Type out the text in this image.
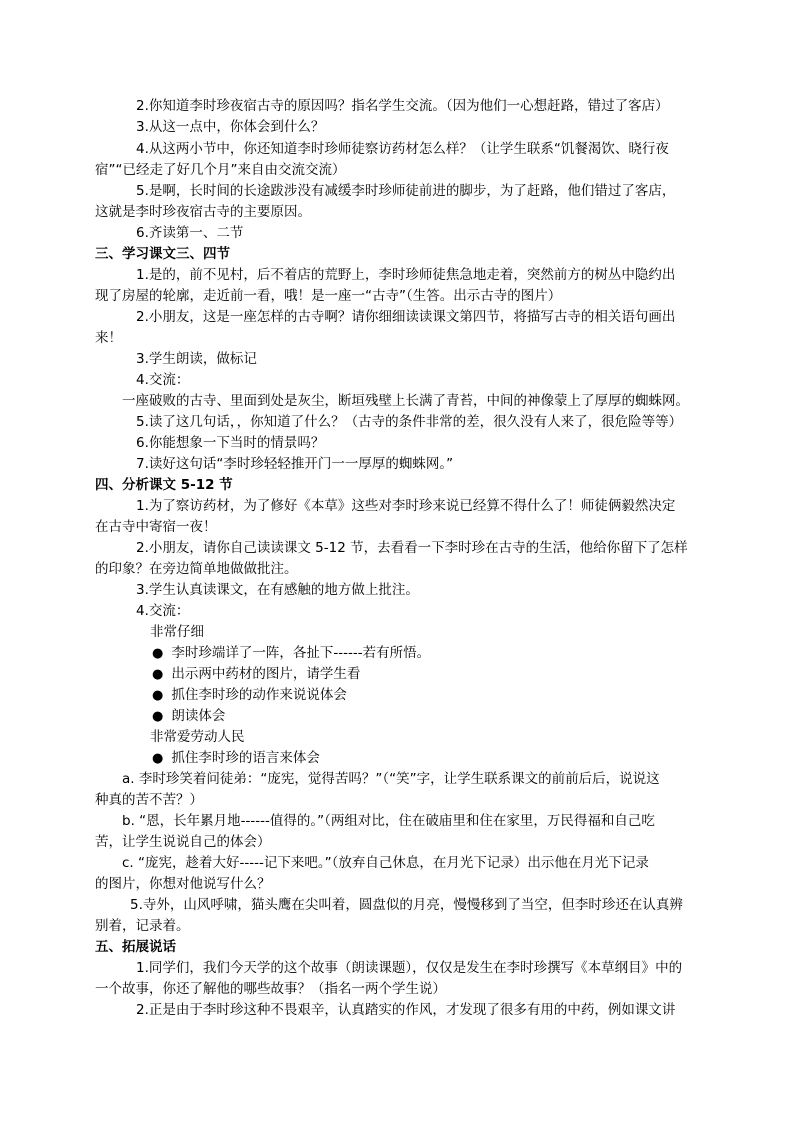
2.你知道李时珍夜宿古寺的原因吗？指名学生交流。（因为他们一心想赶路，错过了客店）
3.从这一点中，你体会到什么？
4.从这两小节中，你还知道李时珍师徒察访药材怎么样？（让学生联系“饥餐渴饮、晓行夜
宿”“已经走了好几个月”来自由交流交流）
5.是啊，长时间的长途跋涉没有减缓李时珍师徒前进的脚步，为了赶路，他们错过了客店，
这就是李时珍夜宿古寺的主要原因。
6.齐读第一、二节
三、学习课文三、四节
1.是的，前不见村，后不着店的荒野上，李时珍师徒焦急地走着，突然前方的树丛中隐约出
现了房屋的轮廓，走近前一看，哦！是一座一“古寺”（生答。出示古寺的图片）
2.小朋友，这是一座怎样的古寺啊？请你细细读读课文第四节，将描写古寺的相关语句画出
来！
3.学生朗读，做标记
4.交流：
一座破败的古寺、里面到处是灰尘，断垣残壁上长满了青苔，中间的神像蒙上了厚厚的蜘蛛网。
5.读了这几句话，，你知道了什么？（古寺的条件非常的差，很久没有人来了，很危险等等）
6.你能想象一下当时的情景吗？
7.读好这句话“李时珍轻轻推开门一一厚厚的蜘蛛网。”
四、分析课文 5-12 节
1.为了察访药材，为了修好《本草》这些对李时珍来说已经算不得什么了！师徒俩毅然决定
在古寺中寄宿一夜！
2.小朋友，请你自己读读课文 5-12 节，去看看一下李时珍在古寺的生活，他给你留下了怎样
的印象？在旁边简单地做做批注。
3.学生认真读课文，在有感触的地方做上批注。
4.交流：
非常仔细
● 李时珍端详了一阵，各扯下------若有所悟。
● 出示两中药材的图片，请学生看
● 抓住李时珍的动作来说说体会
● 朗读体会
非常爱劳动人民
● 抓住李时珍的语言来体会
a. 李时珍笑着问徒弟：“庞宪，觉得苦吗？”（“笑”字，让学生联系课文的前前后后，说说这
种真的苦不苦？）
b. “恩，长年累月地------值得的。”（两组对比，住在破庙里和住在家里，万民得福和自己吃
苦，让学生说说自己的体会）
c. “庞宪，趁着大好-----记下来吧。”（放弃自己休息，在月光下记录）出示他在月光下记录
的图片，你想对他说写什么？
5.寺外，山风呼啸，猫头鹰在尖叫着，圆盘似的月亮，慢慢移到了当空，但李时珍还在认真辨
别着，记录着。
五、拓展说话
1.同学们，我们今天学的这个故事（朗读课题），仅仅是发生在李时珍撰写《本草纲目》中的
一个故事，你还了解他的哪些故事？（指名一两个学生说）
2.正是由于李时珍这种不畏艰辛，认真踏实的作风，才发现了很多有用的中药，例如课文讲
